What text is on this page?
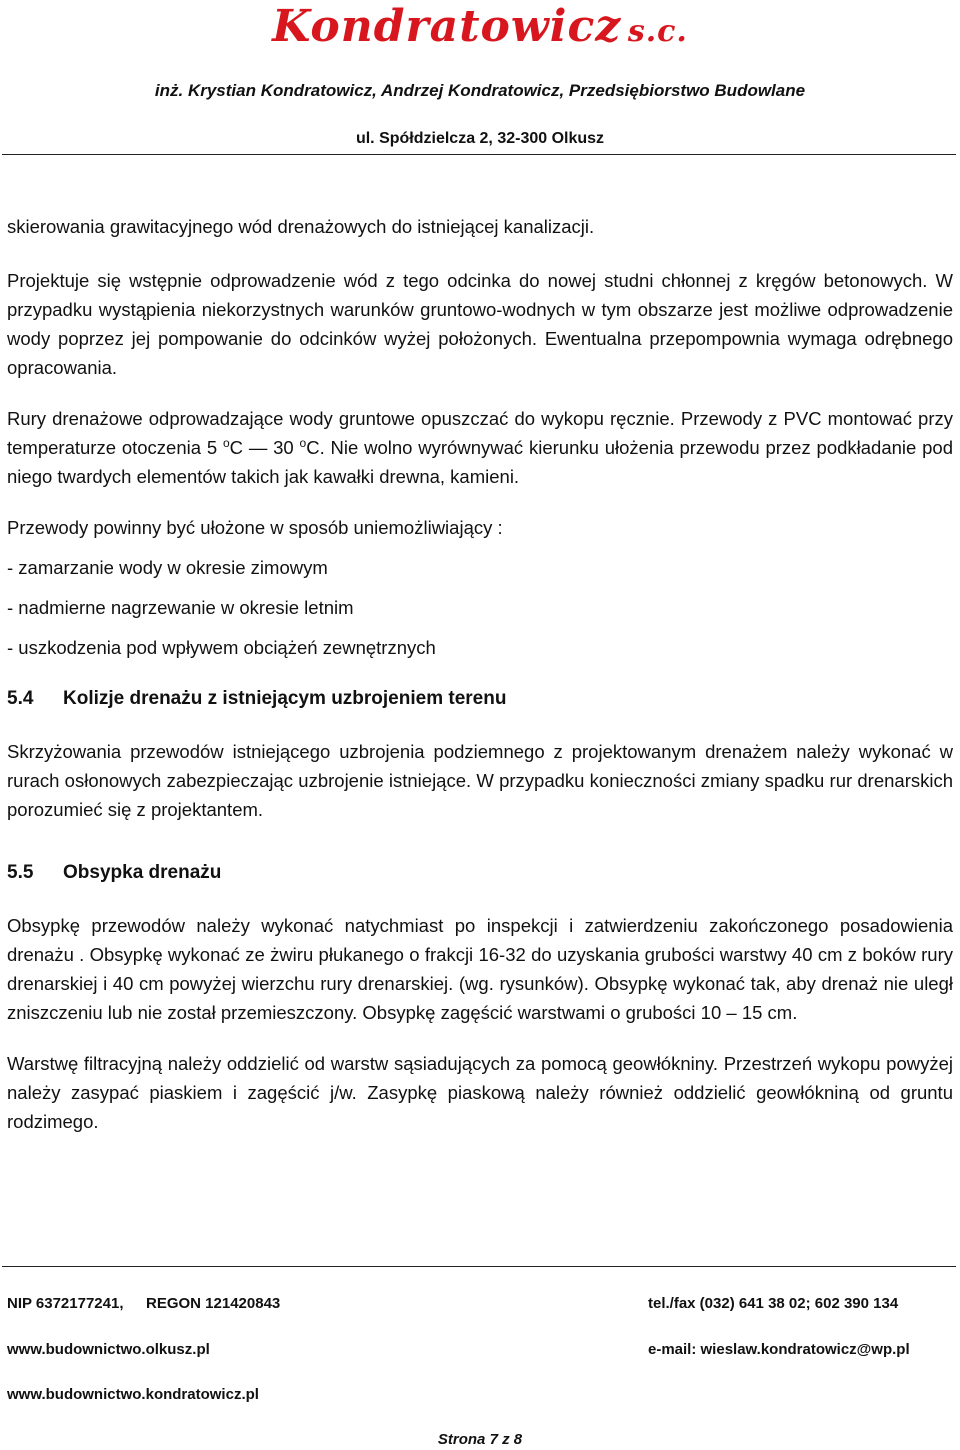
Kondratowicz s.c.
inż. Krystian Kondratowicz, Andrzej Kondratowicz, Przedsiębiorstwo Budowlane
ul. Spółdzielcza 2, 32-300 Olkusz

skierowania grawitacyjnego wód drenażowych do istniejącej kanalizacji.

Projektuje się wstępnie odprowadzenie wód z tego odcinka do nowej studni chłonnej z kręgów betonowych. W przypadku wystąpienia niekorzystnych warunków gruntowo-wodnych w tym obszarze jest możliwe odprowadzenie wody poprzez jej pompowanie do odcinków wyżej położonych. Ewentualna przepompownia wymaga odrębnego opracowania.

Rury drenażowe odprowadzające wody gruntowe opuszczać do wykopu ręcznie. Przewody z PVC montować przy temperaturze otoczenia 5 $^o$C — 30 $^o$C. Nie wolno wyrównywać kierunku ułożenia przewodu przez podkładanie pod niego twardych elementów takich jak kawałki drewna, kamieni.

Przewody powinny być ułożone w sposób uniemożliwiający :

- zamarzanie wody w okresie zimowym

- nadmierne nagrzewanie w okresie letnim

- uszkodzenia pod wpływem obciążeń zewnętrznych

5.4 Kolizje drenażu z istniejącym uzbrojeniem terenu

Skrzyżowania przewodów istniejącego uzbrojenia podziemnego z projektowanym drenażem należy wykonać w rurach osłonowych zabezpieczając uzbrojenie istniejące. W przypadku konieczności zmiany spadku rur drenarskich porozumieć się z projektantem.

5.5 Obsypka drenażu

Obsypkę przewodów należy wykonać natychmiast po inspekcji i zatwierdzeniu zakończonego posadowienia drenażu . Obsypkę wykonać ze żwiru płukanego o frakcji 16-32 do uzyskania grubości warstwy 40 cm z boków rury drenarskiej i 40 cm powyżej wierzchu rury drenarskiej. (wg. rysunków). Obsypkę wykonać tak, aby drenaż nie uległ zniszczeniu lub nie został przemieszczony. Obsypkę zagęścić warstwami o grubości 10 – 15 cm.

Warstwę filtracyjną należy oddzielić od warstw sąsiadujących za pomocą geowłókniny. Przestrzeń wykopu powyżej należy zasypać piaskiem i zagęścić j/w. Zasypkę piaskową należy również oddzielić geowłókniną od gruntu rodzimego.

NIP 6372177241, REGON 121420843	tel./fax (032) 641 38 02; 602 390 134
www.budownictwo.olkusz.pl	e-mail: wieslaw.kondratowicz@wp.pl
www.budownictwo.kondratowicz.pl
Strona 7 z 8
